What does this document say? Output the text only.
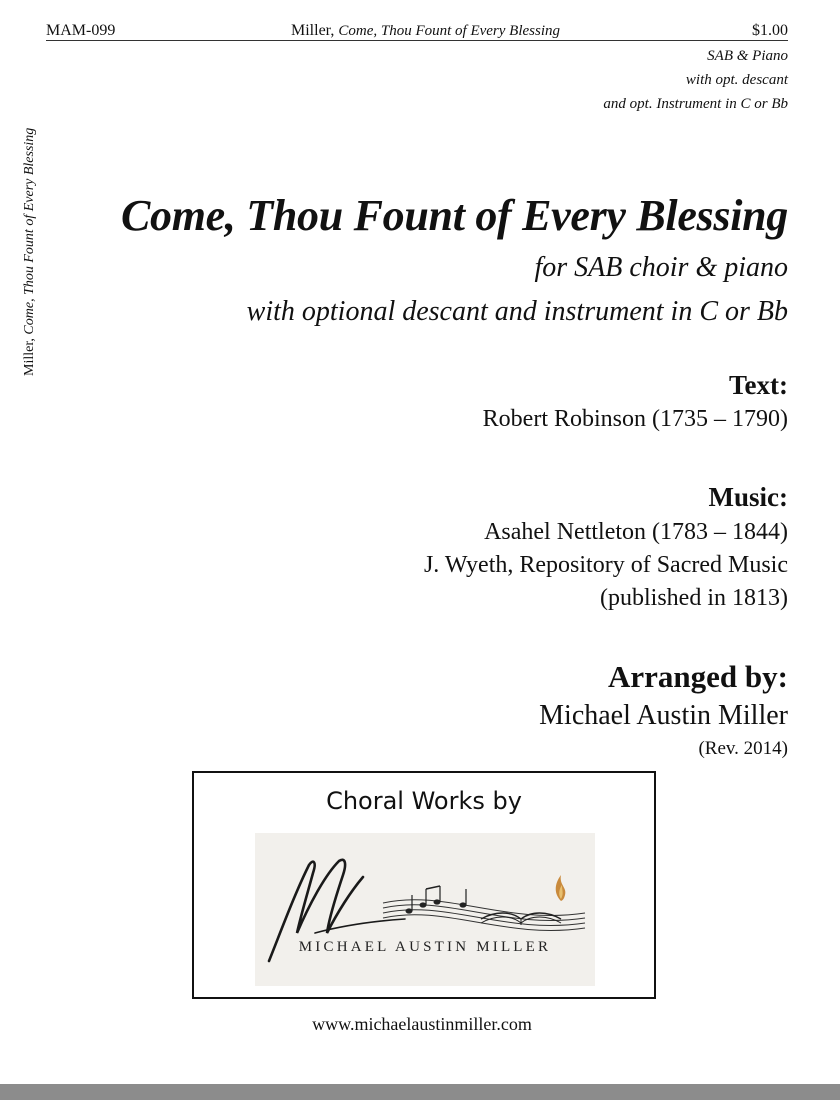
MAM-099	Miller, Come, Thou Fount of Every Blessing	$1.00
SAB & Piano
with opt. descant
and opt. Instrument in C or Bb
Miller, Come, Thou Fount of Every Blessing Come, Thou Fount of Every Blessing
for SAB choir & piano
with optional descant and instrument in C or Bb
Text:
Robert Robinson (1735 – 1790)
Music:
Asahel Nettleton (1783 – 1844)
J. Wyeth, Repository of Sacred Music
(published in 1813)
Arranged by:
Michael Austin Miller
(Rev. 2014)
Choral Works by
MICHAEL AUSTIN MILLER
www.michaelaustinmiller.com
